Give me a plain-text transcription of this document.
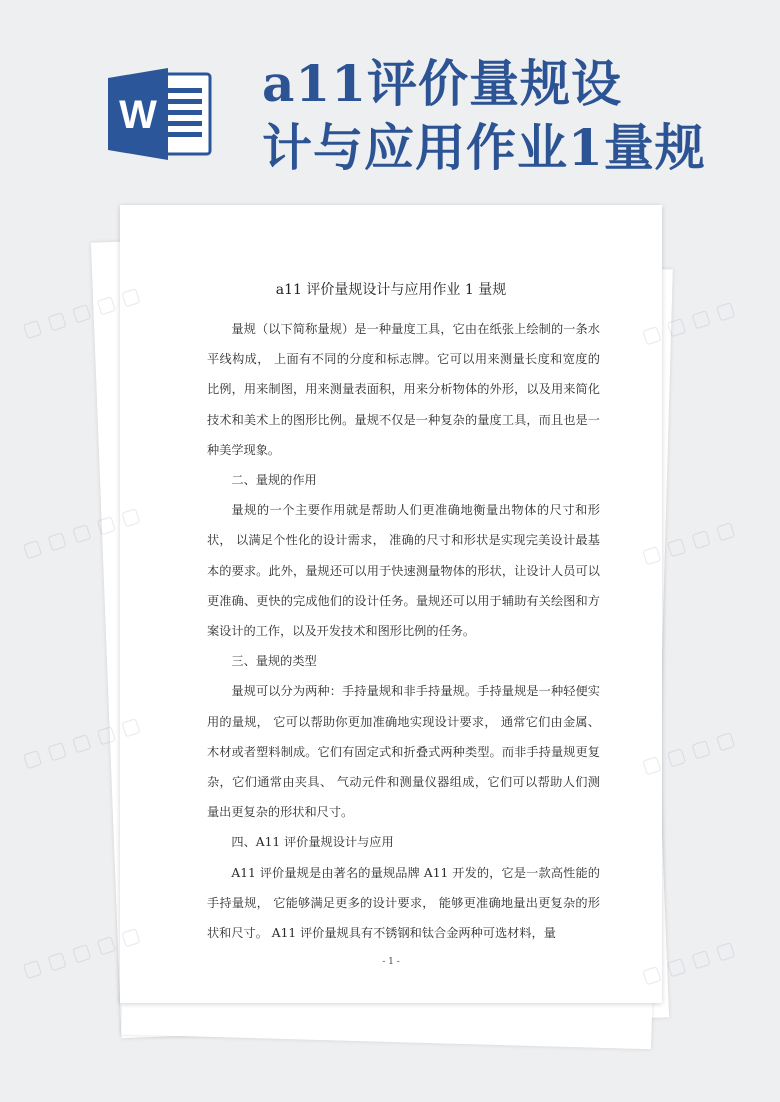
W
a11评价量规设
计与应用作业1量规
a11 评价量规设计与应用作业 1 量规

量规（以下简称量规）是一种量度工具，它由在纸张上绘制的一条水平线构成， 上面有不同的分度和标志牌。它可以用来测量长度和宽度的比例，用来制图，用来测量表面积，用来分析物体的外形，以及用来简化技术和美术上的图形比例。量规不仅是一种复杂的量度工具，而且也是一种美学现象。

二、量规的作用

量规的一个主要作用就是帮助人们更准确地衡量出物体的尺寸和形状， 以满足个性化的设计需求， 准确的尺寸和形状是实现完美设计最基本的要求。此外，量规还可以用于快速测量物体的形状，让设计人员可以更准确、更快的完成他们的设计任务。量规还可以用于辅助有关绘图和方案设计的工作，以及开发技术和图形比例的任务。

三、量规的类型

量规可以分为两种：手持量规和非手持量规。手持量规是一种轻便实用的量规， 它可以帮助你更加准确地实现设计要求， 通常它们由金属、木材或者塑料制成。它们有固定式和折叠式两种类型。而非手持量规更复杂，它们通常由夹具、 气动元件和测量仪器组成，它们可以帮助人们测量出更复杂的形状和尺寸。

四、A11 评价量规设计与应用

A11 评价量规是由著名的量规品牌 A11 开发的，它是一款高性能的手持量规， 它能够满足更多的设计要求， 能够更准确地量出更复杂的形状和尺寸。 A11 评价量规具有不锈钢和钛合金两种可选材料，量

- 1 -
▢ ▢ ▢ ▢ ▢	▢ ▢ ▢ ▢
▢ ▢ ▢ ▢ ▢	▢ ▢ ▢ ▢
▢ ▢ ▢ ▢ ▢	▢ ▢ ▢ ▢
▢ ▢ ▢ ▢ ▢	▢ ▢ ▢ ▢
